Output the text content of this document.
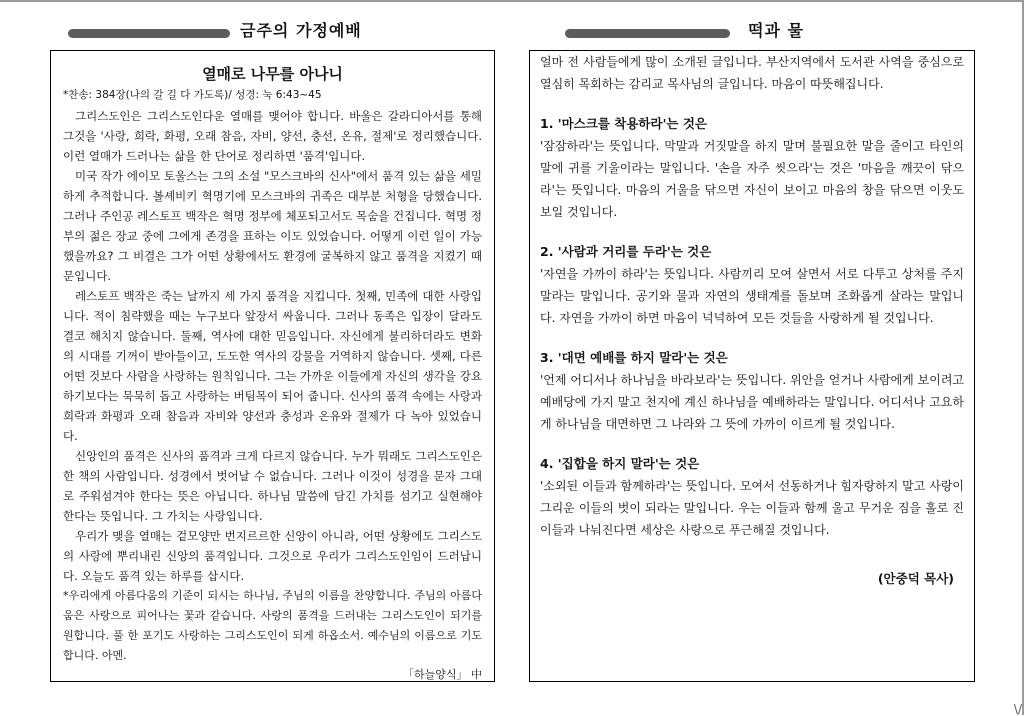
\/
금주의 가정예배	떡과 물
열매로 나무를 아나니
*찬송: 384장(나의 갈 길 다 가도록)/ 성경: 눅 6:43~45

그리스도인은 그리스도인다운 열매를 맺어야 합니다. 바울은 갈라디아서를 통해 그것을 '사랑, 희락, 화평, 오래 참음, 자비, 양선, 충선, 온유, 절제'로 정리했습니다. 이런 열매가 드러나는 삶을 한 단어로 정리하면 '품격'입니다.

미국 작가 에이모 토울스는 그의 소설 "모스크바의 신사"에서 품격 있는 삶을 세밀하게 추적합니다. 볼셰비키 혁명기에 모스크바의 귀족은 대부분 처형을 당했습니다. 그러나 주인공 레스토프 백작은 혁명 정부에 체포되고서도 목숨을 건집니다. 혁명 정부의 젊은 장교 중에 그에게 존경을 표하는 이도 있었습니다. 어떻게 이런 일이 가능했을까요? 그 비결은 그가 어떤 상황에서도 환경에 굴복하지 않고 품격을 지켰기 때문입니다.

레스토프 백작은 죽는 날까지 세 가지 품격을 지킵니다. 첫째, 민족에 대한 사랑입니다. 적이 침략했을 때는 누구보다 앞장서 싸웁니다. 그러나 동족은 입장이 달라도 결코 해치지 않습니다. 둘째, 역사에 대한 믿음입니다. 자신에게 불리하더라도 변화의 시대를 기꺼이 받아들이고, 도도한 역사의 강물을 거역하지 않습니다. 셋째, 다른 어떤 것보다 사람을 사랑하는 원칙입니다. 그는 가까운 이들에게 자신의 생각을 강요하기보다는 묵묵히 돕고 사랑하는 버팀목이 되어 줍니다. 신사의 품격 속에는 사랑과 희락과 화평과 오래 참음과 자비와 양선과 충성과 온유와 절제가 다 녹아 있었습니다.

신앙인의 품격은 신사의 품격과 크게 다르지 않습니다. 누가 뭐래도 그리스도인은 한 책의 사람입니다. 성경에서 벗어날 수 없습니다. 그러나 이것이 성경을 문자 그대로 주워섬겨야 한다는 뜻은 아닙니다. 하나님 말씀에 담긴 가치를 섬기고 실현해야 한다는 뜻입니다. 그 가치는 사랑입니다.

우리가 맺을 열매는 겉모양만 번지르르한 신앙이 아니라, 어떤 상황에도 그리스도의 사랑에 뿌리내린 신앙의 품격입니다. 그것으로 우리가 그리스도인임이 드러납니다. 오늘도 품격 있는 하루를 삽시다.

*우리에게 아름다움의 기준이 되시는 하나님, 주님의 이름을 찬양합니다. 주님의 아름다움은 사랑으로 피어나는 꽃과 같습니다. 사랑의 품격을 드러내는 그리스도인이 되기를 원합니다. 풀 한 포기도 사랑하는 그리스도인이 되게 하옵소서. 예수님의 이름으로 기도합니다. 아멘.

「하늘양식」 中

얼마 전 사람들에게 많이 소개된 글입니다. 부산지역에서 도서관 사역을 중심으로 열심히 목회하는 감리교 목사님의 글입니다. 마음이 따뜻해집니다.

1. '마스크를 착용하라'는 것은

'잠잠하라'는 뜻입니다. 막말과 거짓말을 하지 말며 불필요한 말을 줄이고 타인의 말에 귀를 기울이라는 말입니다. '손을 자주 씻으라'는 것은 '마음을 깨끗이 닦으라'는 뜻입니다. 마음의 거울을 닦으면 자신이 보이고 마음의 창을 닦으면 이웃도 보일 것입니다.

2. '사람과 거리를 두라'는 것은

'자연을 가까이 하라'는 뜻입니다. 사람끼리 모여 살면서 서로 다투고 상처를 주지 말라는 말입니다. 공기와 물과 자연의 생태계를 돌보며 조화롭게 살라는 말입니다. 자연을 가까이 하면 마음이 넉넉하여 모든 것들을 사랑하게 될 것입니다.

3. '대면 예배를 하지 말라'는 것은

'언제 어디서나 하나님을 바라보라'는 뜻입니다. 위안을 얻거나 사람에게 보이려고 예배당에 가지 말고 천지에 계신 하나님을 예배하라는 말입니다. 어디서나 고요하게 하나님을 대면하면 그 나라와 그 뜻에 가까이 이르게 될 것입니다.

4. '집합을 하지 말라'는 것은

'소외된 이들과 함께하라'는 뜻입니다. 모여서 선동하거나 힘자랑하지 말고 사랑이 그리운 이들의 벗이 되라는 말입니다. 우는 이들과 함께 울고 무거운 짐을 홀로 진 이들과 나눠진다면 세상은 사랑으로 푸근해질 것입니다.

(안중덕 목사)
